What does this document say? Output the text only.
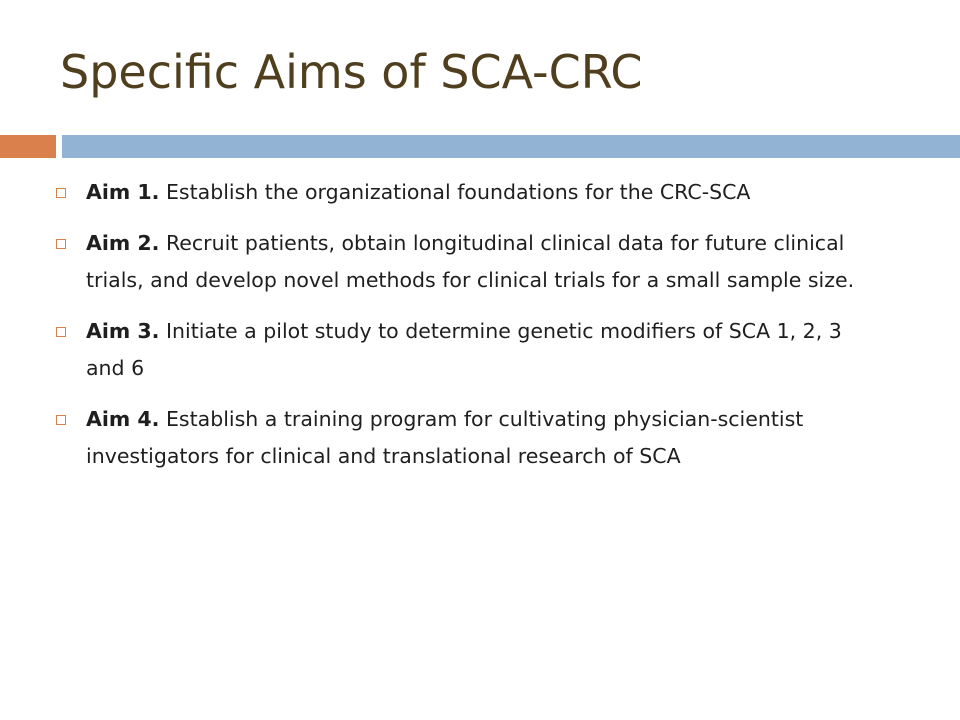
Specific Aims of SCA-CRC
Aim 1. Establish the organizational foundations for the CRC-SCA
Aim 2. Recruit patients, obtain longitudinal clinical data for future clinical trials, and develop novel methods for clinical trials for a small sample size.
Aim 3. Initiate a pilot study to determine genetic modifiers of SCA 1, 2, 3 and 6
Aim 4. Establish a training program for cultivating physician-scientist investigators for clinical and translational research of SCA
